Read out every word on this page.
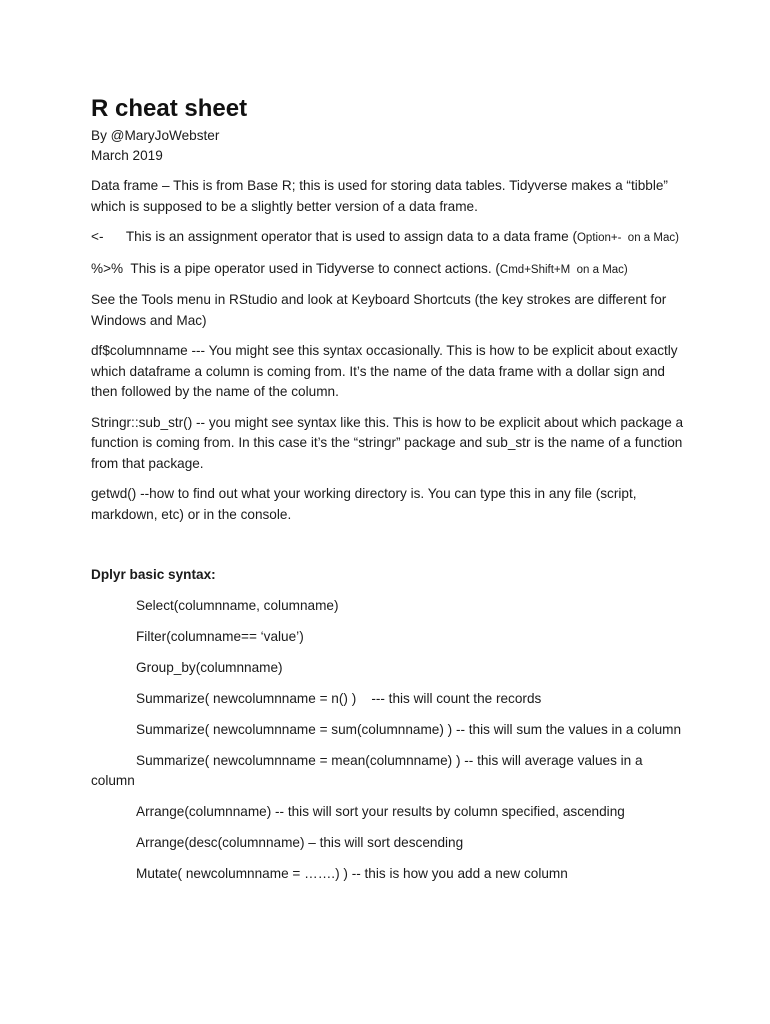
R cheat sheet

By @MaryJoWebster

March 2019

Data frame – This is from Base R; this is used for storing data tables. Tidyverse makes a “tibble” which is supposed to be a slightly better version of a data frame.

<-      This is an assignment operator that is used to assign data to a data frame (Option+-  on a Mac)

%>%  This is a pipe operator used in Tidyverse to connect actions. (Cmd+Shift+M  on a Mac)

See the Tools menu in RStudio and look at Keyboard Shortcuts (the key strokes are different for Windows and Mac)

df$columnname --- You might see this syntax occasionally. This is how to be explicit about exactly which dataframe a column is coming from. It’s the name of the data frame with a dollar sign and then followed by the name of the column.

Stringr::sub_str() -- you might see syntax like this. This is how to be explicit about which package a function is coming from. In this case it’s the “stringr” package and sub_str is the name of a function from that package.

getwd() --how to find out what your working directory is. You can type this in any file (script, markdown, etc) or in the console.

Dplyr basic syntax:

Select(columnname, columname)

Filter(columname== ‘value’)

Group_by(columnname)

Summarize( newcolumnname = n() )    --- this will count the records

Summarize( newcolumnname = sum(columnname) ) -- this will sum the values in a column

Summarize( newcolumnname = mean(columnname) ) -- this will average values in a column

Arrange(columnname) -- this will sort your results by column specified, ascending

Arrange(desc(columnname) – this will sort descending

Mutate( newcolumnname = …….) ) -- this is how you add a new column
